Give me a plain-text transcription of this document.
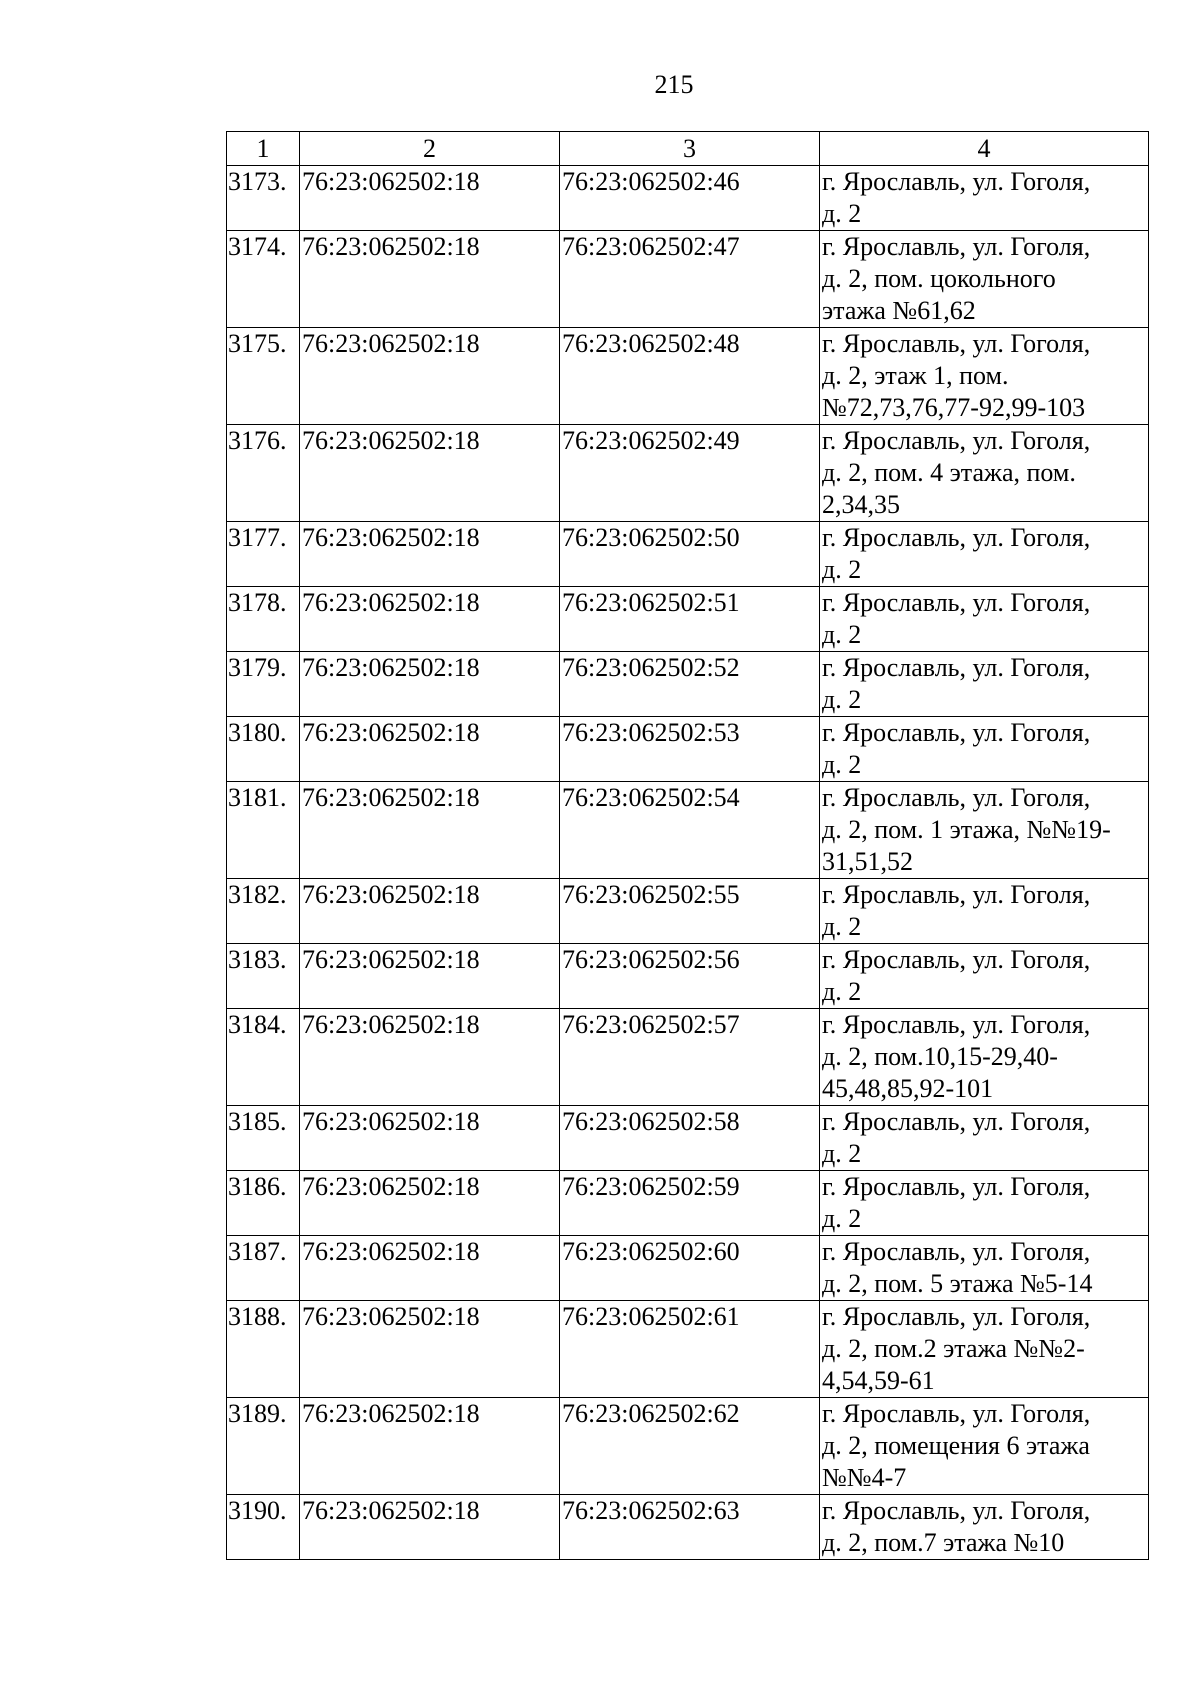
215
1	2	3	4
3173.	76:23:062502:18	76:23:062502:46	г. Ярославль, ул. Гоголя,
д. 2

3174.	76:23:062502:18	76:23:062502:47	г. Ярославль, ул. Гоголя,
д. 2, пом. цокольного
этажа №61,62

3175.	76:23:062502:18	76:23:062502:48	г. Ярославль, ул. Гоголя,
д. 2, этаж 1, пом.
№72,73,76,77-92,99-103

3176.	76:23:062502:18	76:23:062502:49	г. Ярославль, ул. Гоголя,
д. 2, пом. 4 этажа, пом.
2,34,35

3177.	76:23:062502:18	76:23:062502:50	г. Ярославль, ул. Гоголя,
д. 2

3178.	76:23:062502:18	76:23:062502:51	г. Ярославль, ул. Гоголя,
д. 2

3179.	76:23:062502:18	76:23:062502:52	г. Ярославль, ул. Гоголя,
д. 2

3180.	76:23:062502:18	76:23:062502:53	г. Ярославль, ул. Гоголя,
д. 2

3181.	76:23:062502:18	76:23:062502:54	г. Ярославль, ул. Гоголя,
д. 2, пом. 1 этажа, №№19-
31,51,52

3182.	76:23:062502:18	76:23:062502:55	г. Ярославль, ул. Гоголя,
д. 2

3183.	76:23:062502:18	76:23:062502:56	г. Ярославль, ул. Гоголя,
д. 2

3184.	76:23:062502:18	76:23:062502:57	г. Ярославль, ул. Гоголя,
д. 2, пом.10,15-29,40-
45,48,85,92-101

3185.	76:23:062502:18	76:23:062502:58	г. Ярославль, ул. Гоголя,
д. 2

3186.	76:23:062502:18	76:23:062502:59	г. Ярославль, ул. Гоголя,
д. 2

3187.	76:23:062502:18	76:23:062502:60	г. Ярославль, ул. Гоголя,
д. 2, пом. 5 этажа №5-14

3188.	76:23:062502:18	76:23:062502:61	г. Ярославль, ул. Гоголя,
д. 2, пом.2 этажа №№2-
4,54,59-61

3189.	76:23:062502:18	76:23:062502:62	г. Ярославль, ул. Гоголя,
д. 2, помещения 6 этажа
№№4-7

3190.	76:23:062502:18	76:23:062502:63	г. Ярославль, ул. Гоголя,
д. 2, пом.7 этажа №10
